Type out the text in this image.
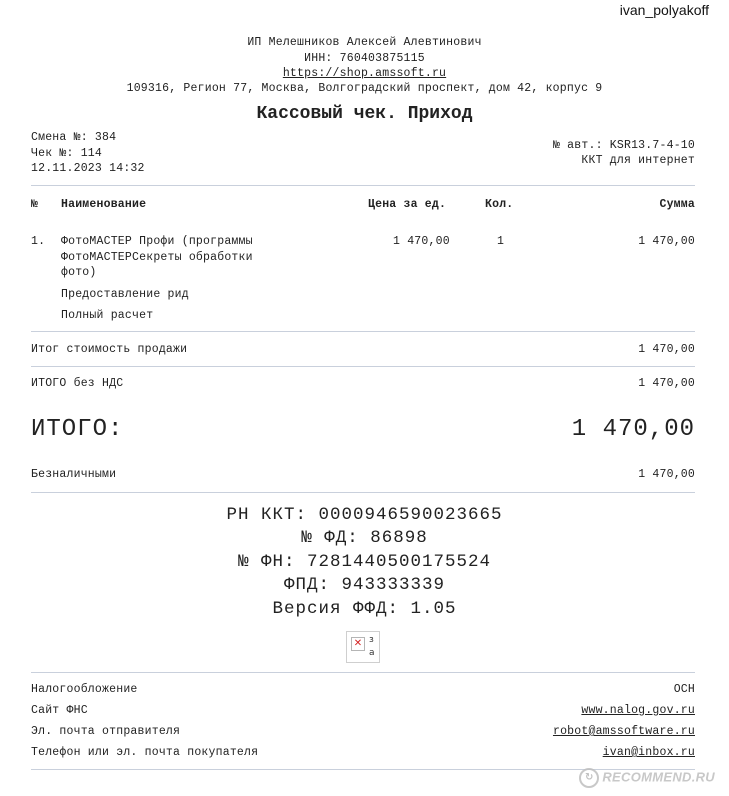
ivan_polyakoff
ИП Мелешников Алексей Алевтинович
ИНН: 760403875115
https://shop.amssoft.ru
109316, Регион 77, Москва, Волгоградский проспект, дом 42, корпус 9
Кассовый чек. Приход
Смена №: 384
Чек №: 114
12.11.2023 14:32
№ авт.: KSR13.7-4-10
ККТ для интернет
№ Наименование	Цена за ед.	Кол.	Сумма
1. ФотоМАСТЕР Профи (программы
ФотоМАСТЕРСекреты обработки
фото)
1 470,00	1	1 470,00
Предоставление рид
Полный расчет
Итог стоимость продажи	1 470,00
ИТОГО без НДС	1 470,00
ИТОГО:	1 470,00
Безналичными	1 470,00
РН ККТ: 0000946590023665
№ ФД: 86898
№ ФН: 7281440500175524
ФПД: 943333339
Версия ФФД: 1.05
✕ за
Налогообложение	ОСН
Сайт ФНС	www.nalog.gov.ru
Эл. почта отправителя	robot@amssoftware.ru
Телефон или эл. почта покупателя	ivan@inbox.ru
↻ RECOMMEND.RU
